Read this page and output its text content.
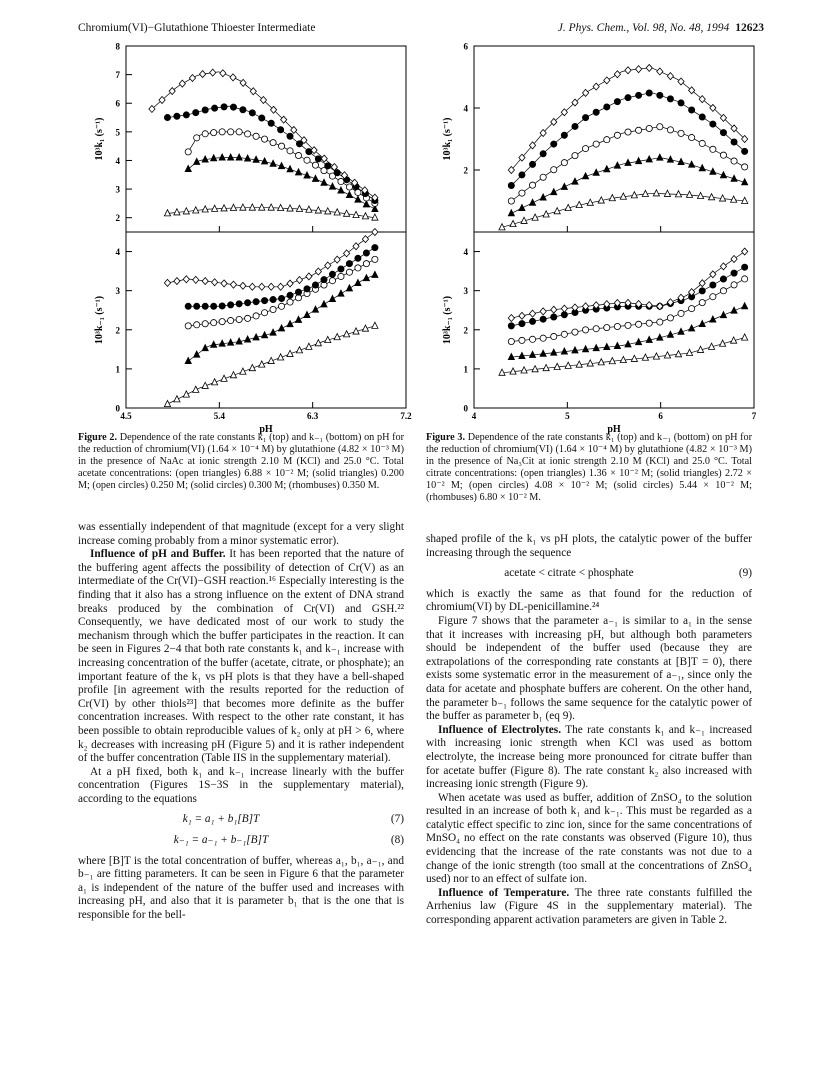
Chromium(VI)−Glutathione Thioester Intermediate	J. Phys. Chem., Vol. 98, No. 48, 1994 12623
2
3
4
5
6
7
8
10³k₁ (s⁻¹)
0
1
2
3
4
4.5	5.4	6.3	7.2
10³k₋₁ (s⁻¹)
pH
2
4
6
10³k₁ (s⁻¹)
0
1
2
3
4
4	5	6	7
10³k₋₁ (s⁻¹)
pH
Figure 2. Dependence of the rate constants k₁ (top) and k₋₁ (bottom) on pH for the reduction of chromium(VI) (1.64 × 10⁻⁴ M) by glutathione (4.82 × 10⁻³ M) in the presence of NaAc at ionic strength 2.10 M (KCl) and 25.0 °C. Total acetate concentrations: (open triangles) 6.88 × 10⁻² M; (solid triangles) 0.200 M; (open circles) 0.250 M; (solid circles) 0.300 M; (rhombuses) 0.350 M.
Figure 3. Dependence of the rate constants k₁ (top) and k₋₁ (bottom) on pH for the reduction of chromium(VI) (1.64 × 10⁻⁴ M) by glutathione (4.82 × 10⁻³ M) in the presence of Na₃Cit at ionic strength 2.10 M (KCl) and 25.0 °C. Total citrate concentrations: (open triangles) 1.36 × 10⁻² M; (solid triangles) 2.72 × 10⁻² M; (open circles) 4.08 × 10⁻² M; (solid circles) 5.44 × 10⁻² M; (rhombuses) 6.80 × 10⁻² M.

was essentially independent of that magnitude (except for a very slight increase coming probably from a minor systematic error).

Influence of pH and Buffer. It has been reported that the nature of the buffering agent affects the possibility of detection of Cr(V) as an intermediate of the Cr(VI)−GSH reaction.¹⁶ Especially interesting is the finding that it also has a strong influence on the extent of DNA strand breaks produced by the combination of Cr(VI) and GSH.²² Consequently, we have dedicated most of our work to study the mechanism through which the buffer participates in the reaction. It can be seen in Figures 2−4 that both rate constants k₁ and k₋₁ increase with increasing concentration of the buffer (acetate, citrate, or phosphate); an important feature of the k₁ vs pH plots is that they have a bell-shaped profile [in agreement with the results reported for the reduction of Cr(VI) by other thiols²³] that becomes more definite as the buffer concentration increases. With respect to the other rate constant, it has been possible to obtain reproducible values of k₂ only at pH > 6, where k₂ decreases with increasing pH (Figure 5) and it is rather independent of the buffer concentration (Table IIS in the supplementary material).

At a pH fixed, both k₁ and k₋₁ increase linearly with the buffer concentration (Figures 1S−3S in the supplementary material), according to the equations

k₁ = a₁ + b₁[B]T	(7)
k₋₁ = a₋₁ + b₋₁[B]T	(8)

where [B]T is the total concentration of buffer, whereas a₁, b₁, a₋₁, and b₋₁ are fitting parameters. It can be seen in Figure 6 that the parameter a₁ is independent of the nature of the buffer used and increases with increasing pH, and also that it is parameter b₁ that is the one that is responsible for the bell-

shaped profile of the k₁ vs pH plots, the catalytic power of the buffer increasing through the sequence

acetate < citrate < phosphate	(9)

which is exactly the same as that found for the reduction of chromium(VI) by DL-penicillamine.²⁴

Figure 7 shows that the parameter a₋₁ is similar to a₁ in the sense that it increases with increasing pH, but although both parameters should be independent of the buffer used (because they are extrapolations of the corresponding rate constants at [B]T = 0), there exists some systematic error in the measurement of a₋₁, since only the data for acetate and phosphate buffers are coherent. On the other hand, the parameter b₋₁ follows the same sequence for the catalytic power of the buffer as parameter b₁ (eq 9).

Influence of Electrolytes. The rate constants k₁ and k₋₁ increased with increasing ionic strength when KCl was used as bottom electrolyte, the increase being more pronounced for citrate buffer than for acetate buffer (Figure 8). The rate constant k₂ also increased with increasing ionic strength (Figure 9).

When acetate was used as buffer, addition of ZnSO₄ to the solution resulted in an increase of both k₁ and k₋₁. This must be regarded as a catalytic effect specific to zinc ion, since for the same concentrations of MnSO₄ no effect on the rate constants was observed (Figure 10), thus evidencing that the increase of the rate constants was not due to a change of the ionic strength (too small at the concentrations of ZnSO₄ used) nor to an effect of sulfate ion.

Influence of Temperature. The three rate constants fulfilled the Arrhenius law (Figure 4S in the supplementary material). The corresponding apparent activation parameters are given in Table 2.
